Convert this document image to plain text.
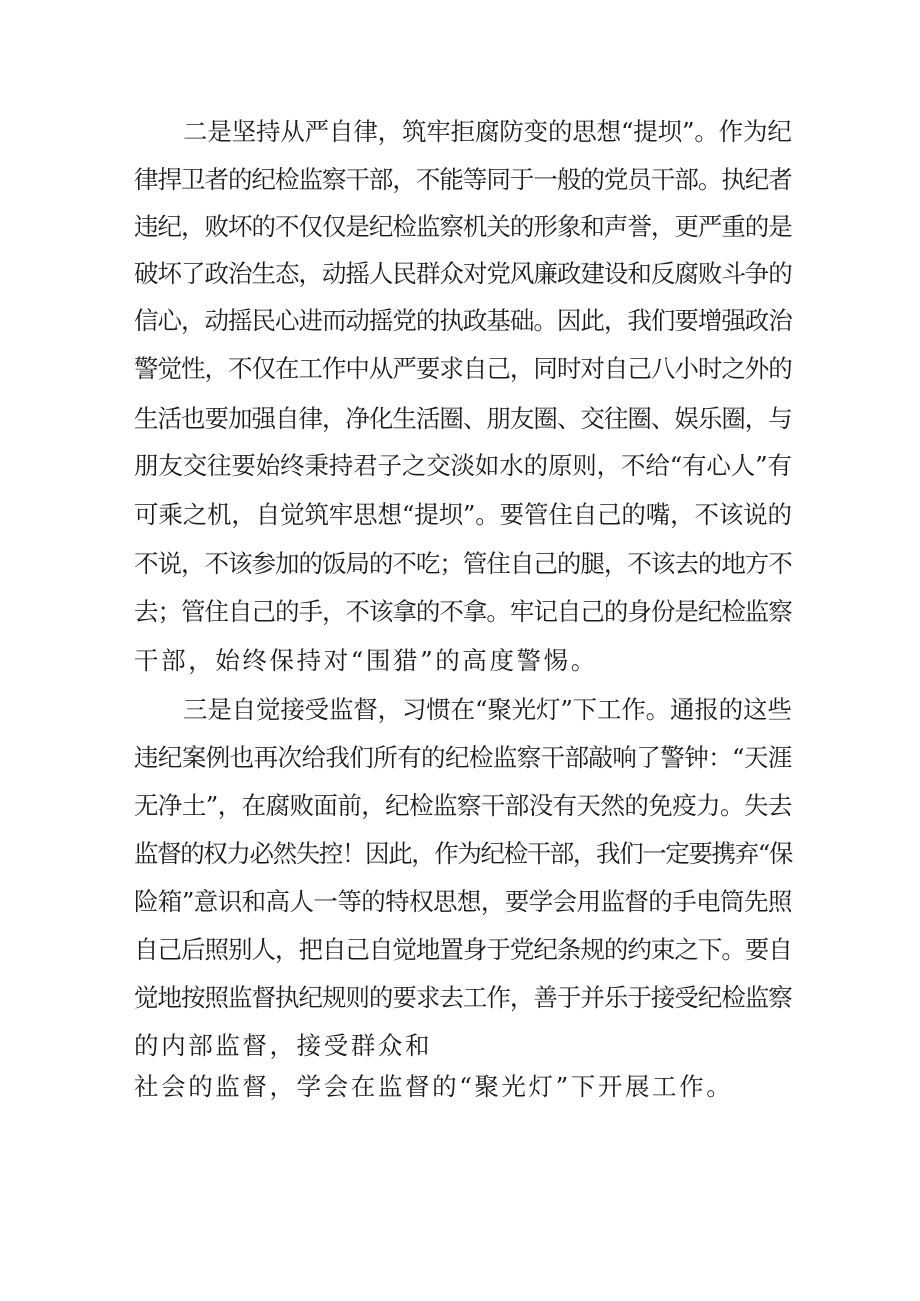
二是坚持从严自律，筑牢拒腐防变的思想“提坝”。作为纪
律捍卫者的纪检监察干部，不能等同于一般的党员干部。执纪者
违纪，败坏的不仅仅是纪检监察机关的形象和声誉，更严重的是
破坏了政治生态，动摇人民群众对党风廉政建设和反腐败斗争的
信心，动摇民心进而动摇党的执政基础。因此，我们要增强政治
警觉性，不仅在工作中从严要求自己，同时对自己八小时之外的
生活也要加强自律，净化生活圈、朋友圈、交往圈、娱乐圈，与
朋友交往要始终秉持君子之交淡如水的原则，不给“有心人”有
可乘之机，自觉筑牢思想“提坝”。要管住自己的嘴，不该说的
不说，不该参加的饭局的不吃；管住自己的腿，不该去的地方不
去；管住自己的手，不该拿的不拿。牢记自己的身份是纪检监察
干部，始终保持对“围猎”的高度警惕。
三是自觉接受监督，习惯在“聚光灯”下工作。通报的这些
违纪案例也再次给我们所有的纪检监察干部敲响了警钟：“天涯
无净土”，在腐败面前，纪检监察干部没有天然的免疫力。失去
监督的权力必然失控！因此，作为纪检干部，我们一定要携弃“保
险箱”意识和高人一等的特权思想，要学会用监督的手电筒先照
自己后照别人，把自己自觉地置身于党纪条规的约束之下。要自
觉地按照监督执纪规则的要求去工作，善于并乐于接受纪检监察
的内部监督，接受群众和
社会的监督，学会在监督的“聚光灯”下开展工作。
